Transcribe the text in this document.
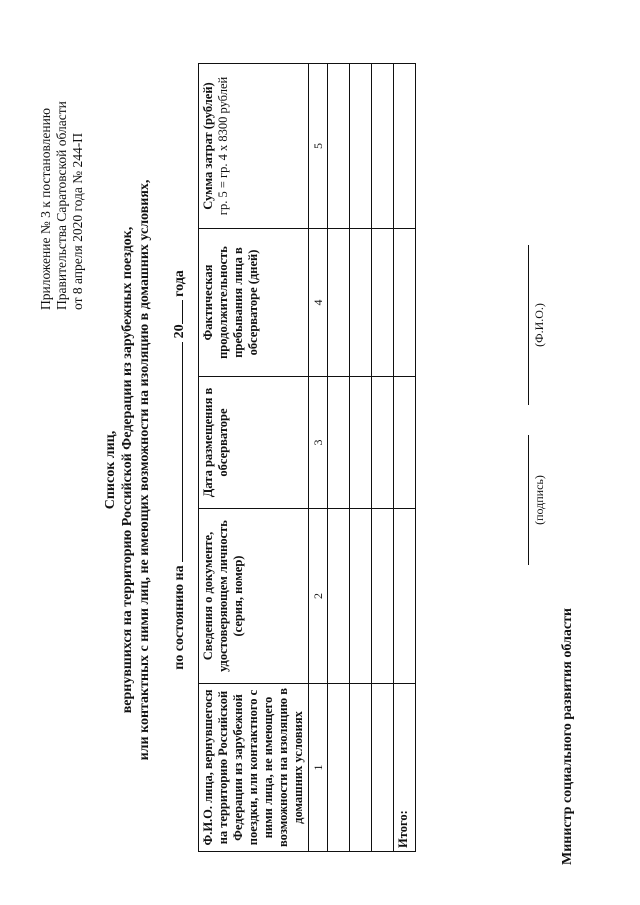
Приложение № 3 к постановлению Правительства Саратовской области от 8 апреля 2020 года № 244-П
Список лиц, вернувшихся на территорию Российской Федерации из зарубежных поездок, или контактных с ними лиц, не имеющих возможности на изоляцию в домашних условиях, по состоянию на  20 года
Ф.И.О. лица, вернувшегося на территорию Российской Федерации из зарубежной поездки, или контактного с ними лица, не имеющего возможности на изоляцию в домашних условиях	Сведения о документе, удостоверяющем личность (серия, номер)	Дата размещения в обсерваторе	Фактическая продолжительность пребывания лица в обсерваторе (дней)	Сумма затрат (рублей) гр. 5 = гр. 4 х 8300 рублей

1	2	3	4	5

Итого:					Министр социального развития области
(подпись)
(Ф.И.О.)
